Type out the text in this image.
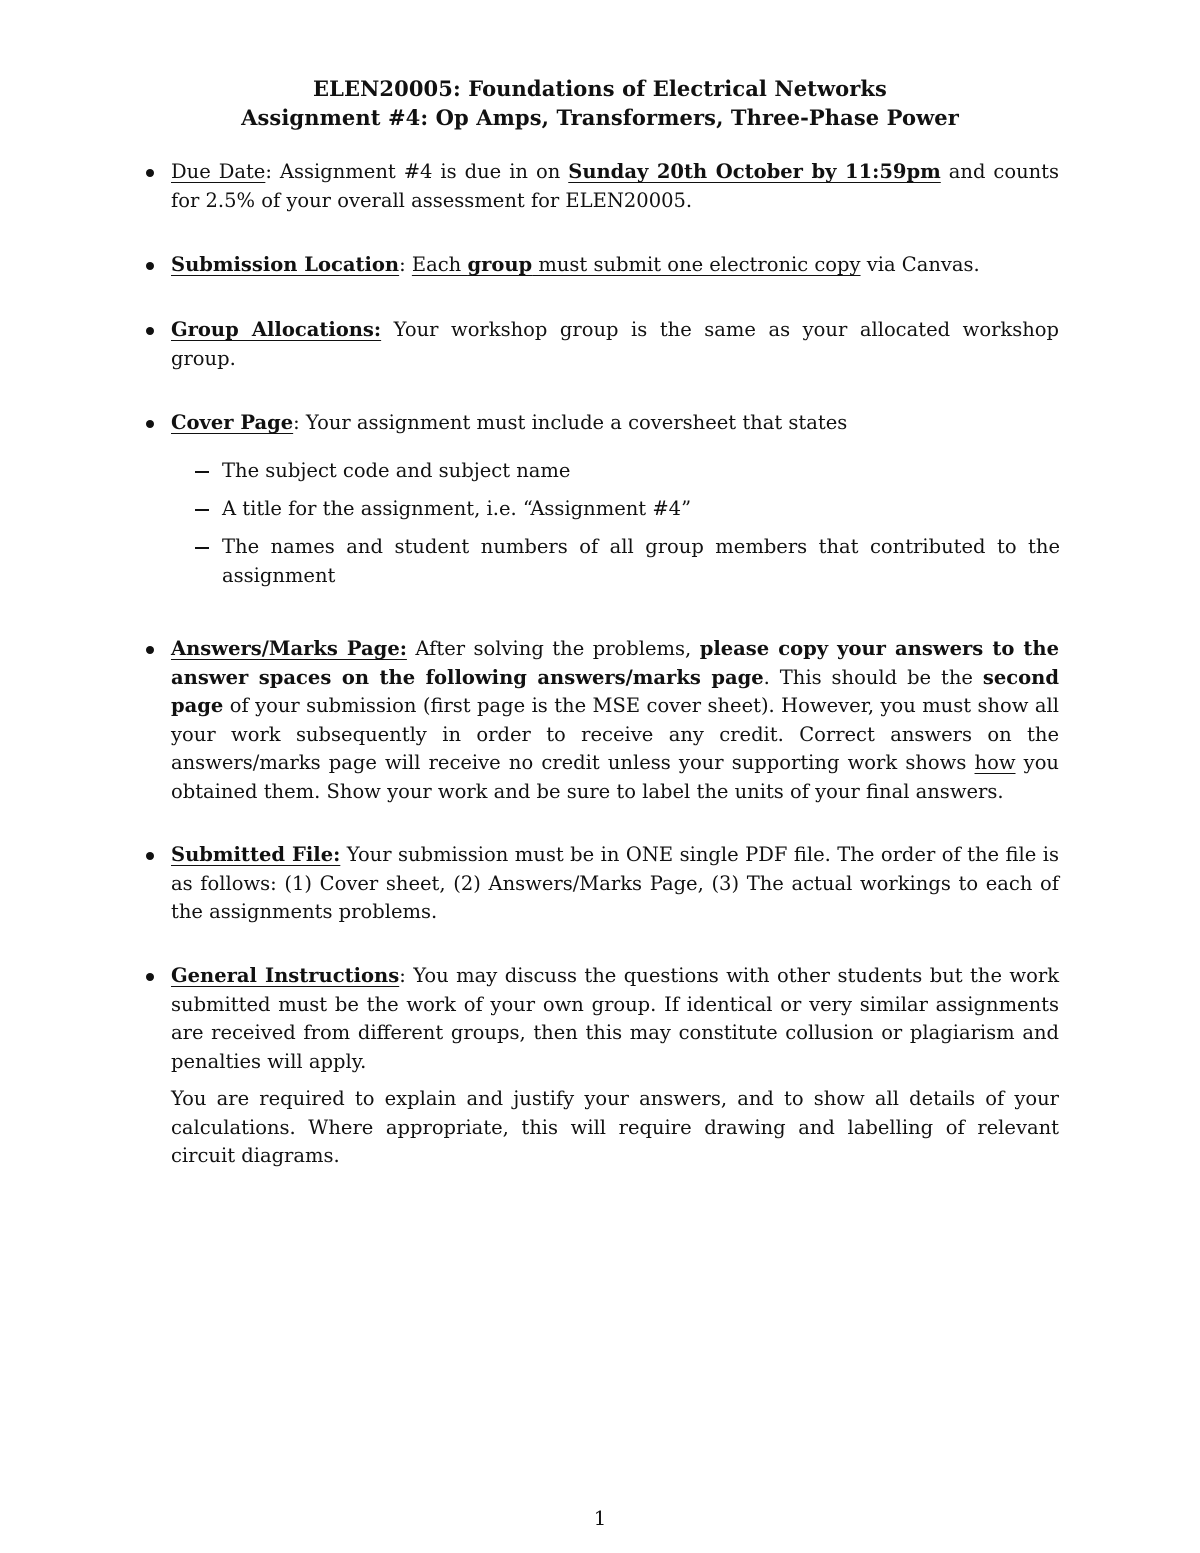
ELEN20005: Foundations of Electrical Networks
Assignment #4: Op Amps, Transformers, Three-Phase Power
Due Date: Assignment #4 is due in on Sunday 20th October by 11:59pm and counts for 2.5% of your overall assessment for ELEN20005.
Submission Location: Each group must submit one electronic copy via Canvas.
Group Allocations: Your workshop group is the same as your allocated workshop group.
Cover Page: Your assignment must include a coversheet that states
The subject code and subject name
A title for the assignment, i.e. “Assignment #4”
The names and student numbers of all group members that contributed to the assignment
Answers/Marks Page: After solving the problems, please copy your answers to the answer spaces on the following answers/marks page. This should be the second page of your submission (first page is the MSE cover sheet). However, you must show all your work subsequently in order to receive any credit. Correct answers on the answers/marks page will receive no credit unless your supporting work shows how you obtained them. Show your work and be sure to label the units of your final answers.
Submitted File: Your submission must be in ONE single PDF file. The order of the file is as follows: (1) Cover sheet, (2) Answers/Marks Page, (3) The actual workings to each of the assignments problems.
General Instructions: You may discuss the questions with other students but the work submitted must be the work of your own group. If identical or very similar assignments are received from different groups, then this may constitute collusion or plagiarism and penalties will apply.
You are required to explain and justify your answers, and to show all details of your calculations. Where appropriate, this will require drawing and labelling of relevant circuit diagrams.
1
